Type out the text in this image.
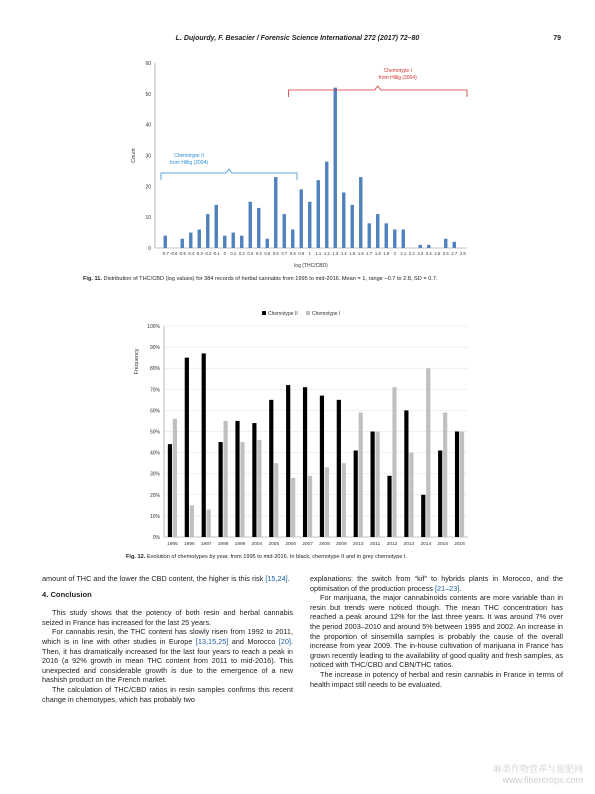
L. Dujourdy, F. Besacier / Forensic Science International 272 (2017) 72–80	79
0
10
20
30
40
50
60
-0.7 -0.6 -0.5 -0.4 -0.3 -0.2 -0.1 0 0.1 0.2 0.3 0.4 0.5 0.6 0.7 0.8 0.9 1 1.1 1.2 1.3 1.4 1.5 1.6 1.7 1.8 1.9 2 2.1 2.2 2.3 2.4 2.5 2.6 2.7 2.8
log (THC/CBD)
Count
Chemotype I
from Hillig (2004)
Chemotype II
from Hillig (2004)
Fig. 11. Distribution of THC/CBD (log values) for 384 records of herbal cannabis from 1995 to mid-2016. Mean = 1, range −0.7 to 2.8, SD = 0.7.
Chemotype II	Chemotype I
0%
10%
20%
30%
40%
50%
60%
70%
80%
90%
100%
Frequency
1995 1996 1997 1998 1999 2004 2005 2006 2007 2008 2009 2010 2011 2012 2013 2014 2015 2016
Fig. 12. Evolution of chemotypes by year, from 1995 to mid-2016. In black, chemotype II and in grey chemotype I.

amount of THC and the lower the CBD content, the higher is this risk [15,24].

4. Conclusion

This study shows that the potency of both resin and herbal cannabis seized in France has increased for the last 25 years.

For cannabis resin, the THC content has slowly risen from 1992 to 2011, which is in line with other studies in Europe [13,15,25] and Morocco [20]. Then, it has dramatically increased for the last four years to reach a peak in 2016 (a 92% growth in mean THC content from 2011 to mid-2016). This unexpected and considerable growth is due to the emergence of a new hashish product on the French market.

The calculation of THC/CBD ratios in resin samples confirms this recent change in chemotypes, which has probably two

explanations: the switch from “kif” to hybrids plants in Morocco, and the optimisation of the production process [21–23].

For marijuana, the major cannabinoids contents are more variable than in resin but trends were noticed though. The mean THC concentration has reached a peak around 12% for the last three years. It was around 7% over the period 2003–2010 and around 5% between 1995 and 2002. An increase in the proportion of sinsemilla samples is probably the cause of the overall increase from year 2009. The in-house cultivation of marijuana in France has grown recently leading to the availability of good quality and fresh samples, as noticed with THC/CBD and CBN/THC ratios.

The increase in potency of herbal and resin cannabis in France in terms of health impact still needs to be evaluated.

麻类作物营养与施肥网
www.fibercrops.com
